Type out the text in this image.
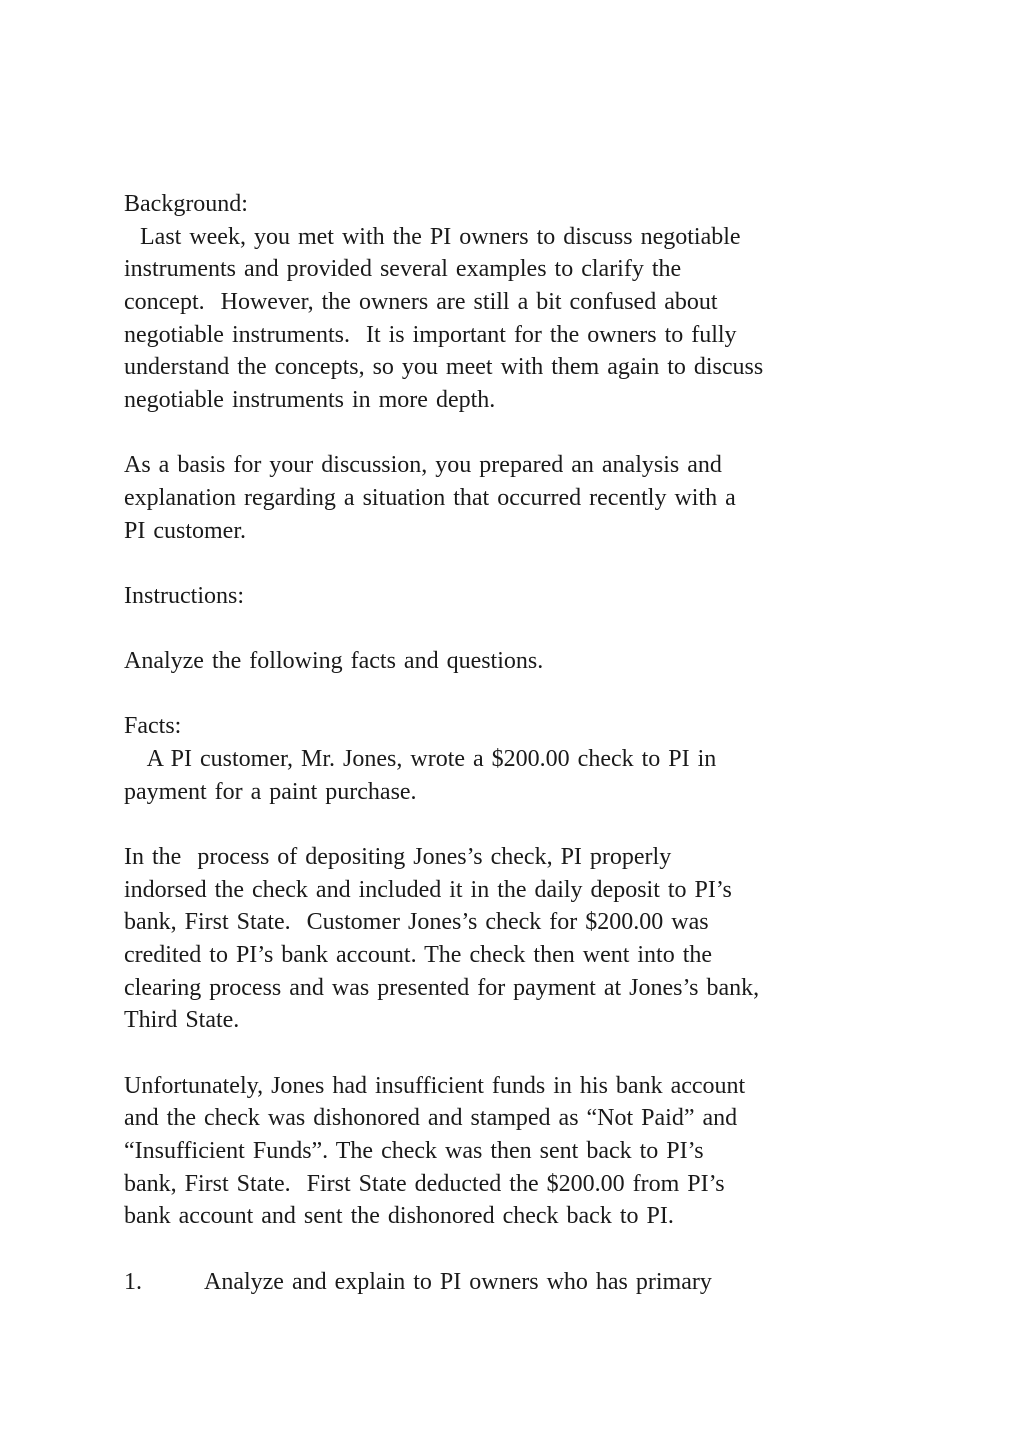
Background:
Last week, you met with the PI owners to discuss negotiable
instruments and provided several examples to clarify the
concept.  However, the owners are still a bit confused about
negotiable instruments.  It is important for the owners to fully
understand the concepts, so you meet with them again to discuss
negotiable instruments in more depth.
As a basis for your discussion, you prepared an analysis and
explanation regarding a situation that occurred recently with a
PI customer.
Instructions:
Analyze the following facts and questions.
Facts:
A PI customer, Mr. Jones, wrote a $200.00 check to PI in
payment for a paint purchase.
In the  process of depositing Jones’s check, PI properly
indorsed the check and included it in the daily deposit to PI’s
bank, First State.  Customer Jones’s check for $200.00 was
credited to PI’s bank account. The check then went into the
clearing process and was presented for payment at Jones’s bank,
Third State.
Unfortunately, Jones had insufficient funds in his bank account
and the check was dishonored and stamped as “Not Paid” and
“Insufficient Funds”. The check was then sent back to PI’s
bank, First State.  First State deducted the $200.00 from PI’s
bank account and sent the dishonored check back to PI.
1.	Analyze and explain to PI owners who has primary
